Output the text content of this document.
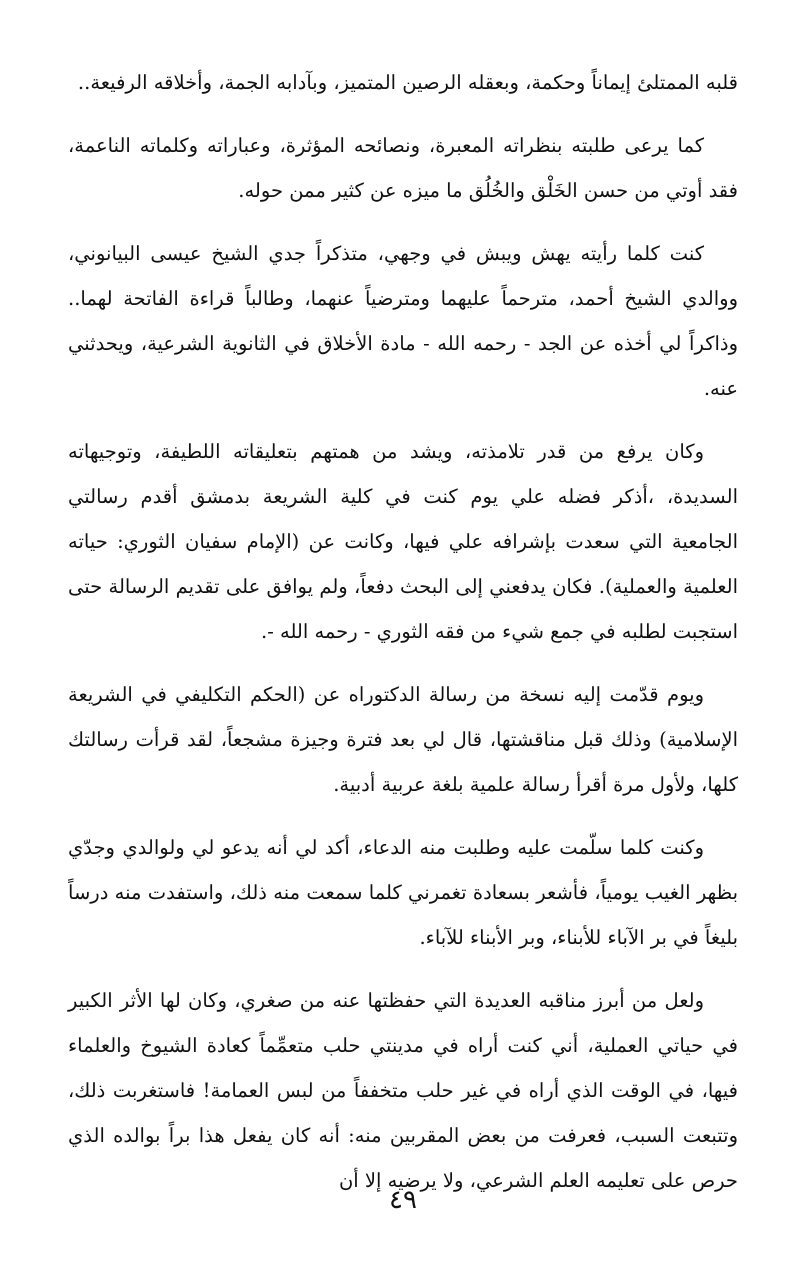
قلبه الممتلئ إيماناً وحكمة، وبعقله الرصين المتميز، وبآدابه الجمة، وأخلاقه الرفيعة..

كما يرعى طلبته بنظراته المعبرة، ونصائحه المؤثرة، وعباراته وكلماته الناعمة، فقد أوتي من حسن الخَلْق والخُلُق ما ميزه عن كثير ممن حوله.

كنت كلما رأيته يهش ويبش في وجهي، متذكراً جدي الشيخ عيسى البيانوني، ووالدي الشيخ أحمد، مترحماً عليهما ومترضياً عنهما، وطالباً قراءة الفاتحة لهما.. وذاكراً لي أخذه عن الجد - رحمه الله - مادة الأخلاق في الثانوية الشرعية، ويحدثني عنه.

وكان يرفع من قدر تلامذته، ويشد من همتهم بتعليقاته اللطيفة، وتوجيهاته السديدة، ،أذكر فضله علي يوم كنت في كلية الشريعة بدمشق أقدم رسالتي الجامعية التي سعدت بإشرافه علي فيها، وكانت عن (الإمام سفيان الثوري: حياته العلمية والعملية). فكان يدفعني إلى البحث دفعاً، ولم يوافق على تقديم الرسالة حتى استجبت لطلبه في جمع شيء من فقه الثوري - رحمه الله -.

ويوم قدّمت إليه نسخة من رسالة الدكتوراه عن (الحكم التكليفي في الشريعة الإسلامية) وذلك قبل مناقشتها، قال لي بعد فترة وجيزة مشجعاً، لقد قرأت رسالتك كلها، ولأول مرة أقرأ رسالة علمية بلغة عربية أدبية.

وكنت كلما سلّمت عليه وطلبت منه الدعاء، أكد لي أنه يدعو لي ولوالدي وجدّي بظهر الغيب يومياً، فأشعر بسعادة تغمرني كلما سمعت منه ذلك، واستفدت منه درساً بليغاً في بر الآباء للأبناء، وبر الأبناء للآباء.

ولعل من أبرز مناقبه العديدة التي حفظتها عنه من صغري، وكان لها الأثر الكبير في حياتي العملية، أني كنت أراه في مدينتي حلب متعمِّماً كعادة الشيوخ والعلماء فيها، في الوقت الذي أراه في غير حلب متخففاً من لبس العمامة! فاستغربت ذلك، وتتبعت السبب، فعرفت من بعض المقربين منه: أنه كان يفعل هذا براً بوالده الذي حرص على تعليمه العلم الشرعي، ولا يرضيه إلا أن

٤٩
